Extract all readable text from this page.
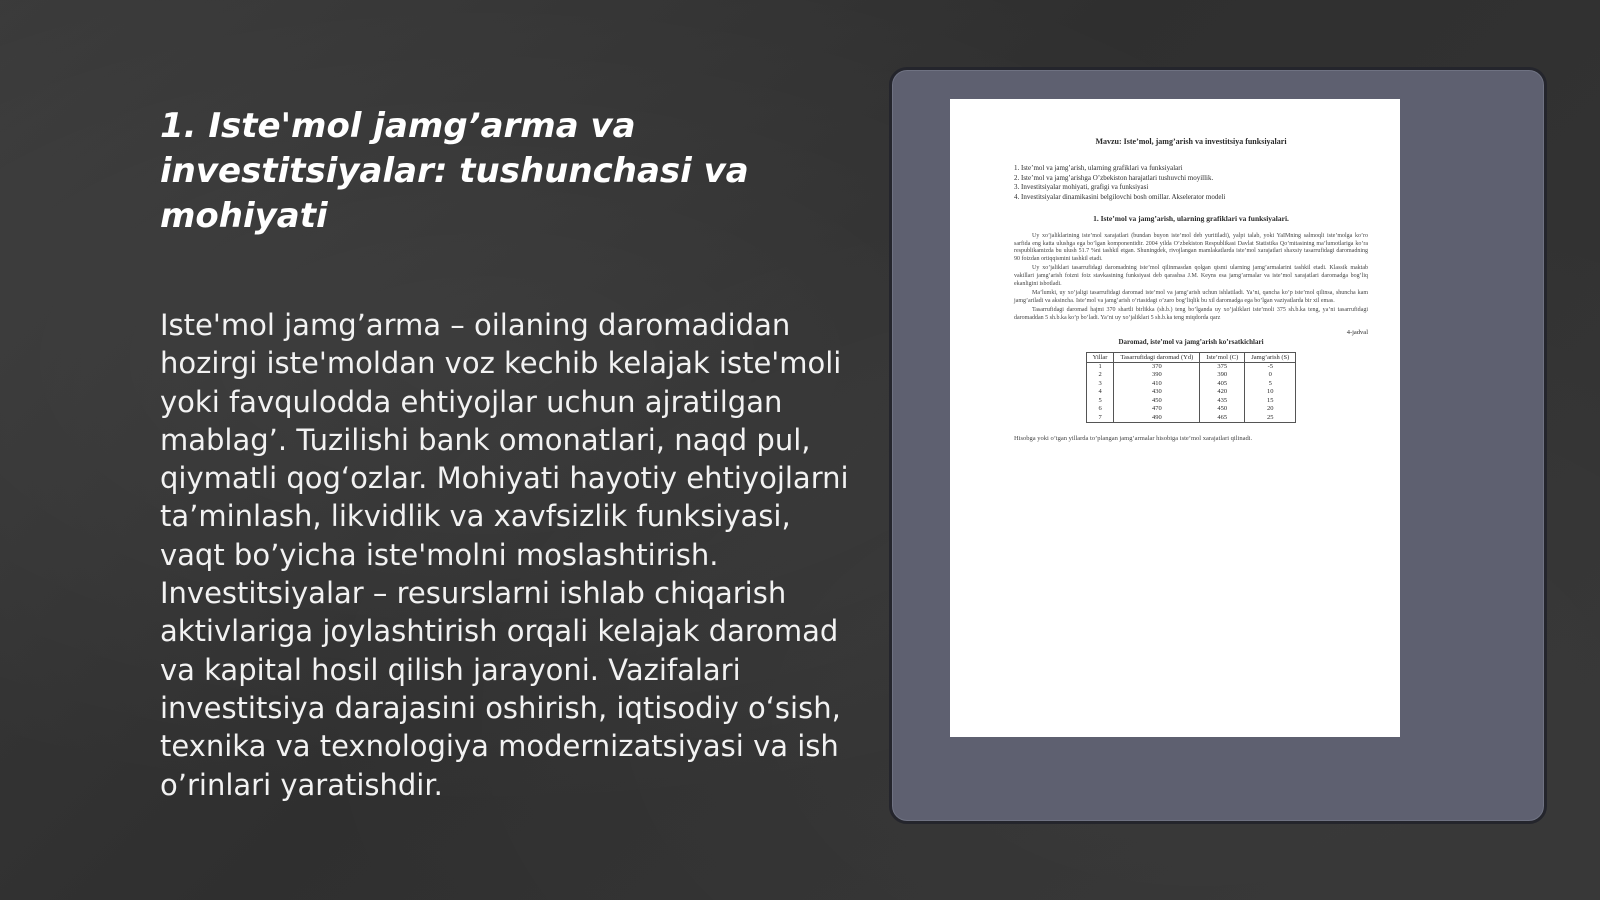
1. Iste'mol jamg’arma va investitsiyalar: tushunchasi va mohiyati

Iste'mol jamg’arma – oilaning daromadidan hozirgi iste'moldan voz kechib kelajak iste'moli yoki favqulodda ehtiyojlar uchun ajratilgan mablag’. Tuzilishi bank omonatlari, naqd pul, qiymatli qog‘ozlar. Mohiyati hayotiy ehtiyojlarni ta’minlash, likvidlik va xavfsizlik funksiyasi, vaqt bo’yicha iste'molni moslashtirish. Investitsiyalar – resurslarni ishlab chiqarish aktivlariga joylashtirish orqali kelajak daromad va kapital hosil qilish jarayoni. Vazifalari investitsiya darajasini oshirish, iqtisodiy o‘sish, texnika va texnologiya modernizatsiyasi va ish o’rinlari yaratishdir.

Mavzu: Iste’mol, jamg’arish va investitsiya funksiyalari

1. Iste’mol va jamg’arish, ularning grafiklari va funksiyalari
2. Iste’mol va jamg’arishga O’zbekiston harajatlari tushuvchi moyillik.
3. Investitsiyalar mohiyati, grafigi va funksiyasi
4. Investitsiyalar dinamikasini belgilovchi bosh omillar. Akselerator modeli

1. Iste’mol va jamg’arish, ularning grafiklari va funksiyalari.

Uy xo’jaliklarining iste’mol xarajatlari (bundan buyon iste’mol deb yuritiladi), yalpi talab, yoki YaIMning salmoqli iste’molga ko’ro sarfida eng katta ulushga ega bo’lgan komponentidir. 2004 yilda O’zbekiston Respublikasi Davlat Statistika Qo’mitasining ma’lumotlariga ko’ra respublikamizda bu ulush 51.7 %ni tashkil etgan. Shuningdek, rivojlangan mamlakatlarda iste’mol xarajatlari shaxsiy tasarrufidagi daromadning 90 foizdan ortiqqismini tashkil etadi.

Uy xo’jaliklari tasarrufidagi daromadning iste’mol qilinmasdan qolgan qismi ularning jamg’armalarini tashkil etadi. Klassik maktab vakillari jamg’arish foizni foiz stavkasining funksiyasi deb qarashsa J.M. Keyns esa jamg’armalar va iste’mol xarajatlari daromadga bog’liq ekanligini isbotladi.

Ma’lumki, uy xo’jaligi tasarrufidagi daromad iste’mol va jamg’arish uchun ishlatiladi. Ya’ni, qancha ko’p iste’mol qilinsa, shuncha kam jamg’ariladi va aksincha. Iste’mol va jamg’arish o’rtasidagi o’zaro bog’liqlik bu xil daromadga ega bo’lgan vaziyatlarda bir xil emas.

Tasarrufidagi daromad hajmi 370 shartli birlikka (sh.b.) teng bo’lganda uy xo’jaliklari iste’moli 375 sh.b.ka teng, ya’ni tasarrufidagi daromaddan 5 sh.b.ka ko’p bo’ladi. Ya’ni uy xo’jaliklari 5 sh.b.ka teng miqdorda qarz

4-jadval

Daromad, iste’mol va jamg’arish ko’rsatkichlari

Yillar	Tasarrufidagi daromad (Yd)	Iste’mol (C)	Jamg’arish (S)
1	370	375	-5
2	390	390	0
3	410	405	5
4	430	420	10
5	450	435	15
6	470	450	20
7	490	465	25

Hisobga yoki o’tgan yillarda to’plangan jamg’armalar hisobiga iste’mol xarajatlari qilinadi.
